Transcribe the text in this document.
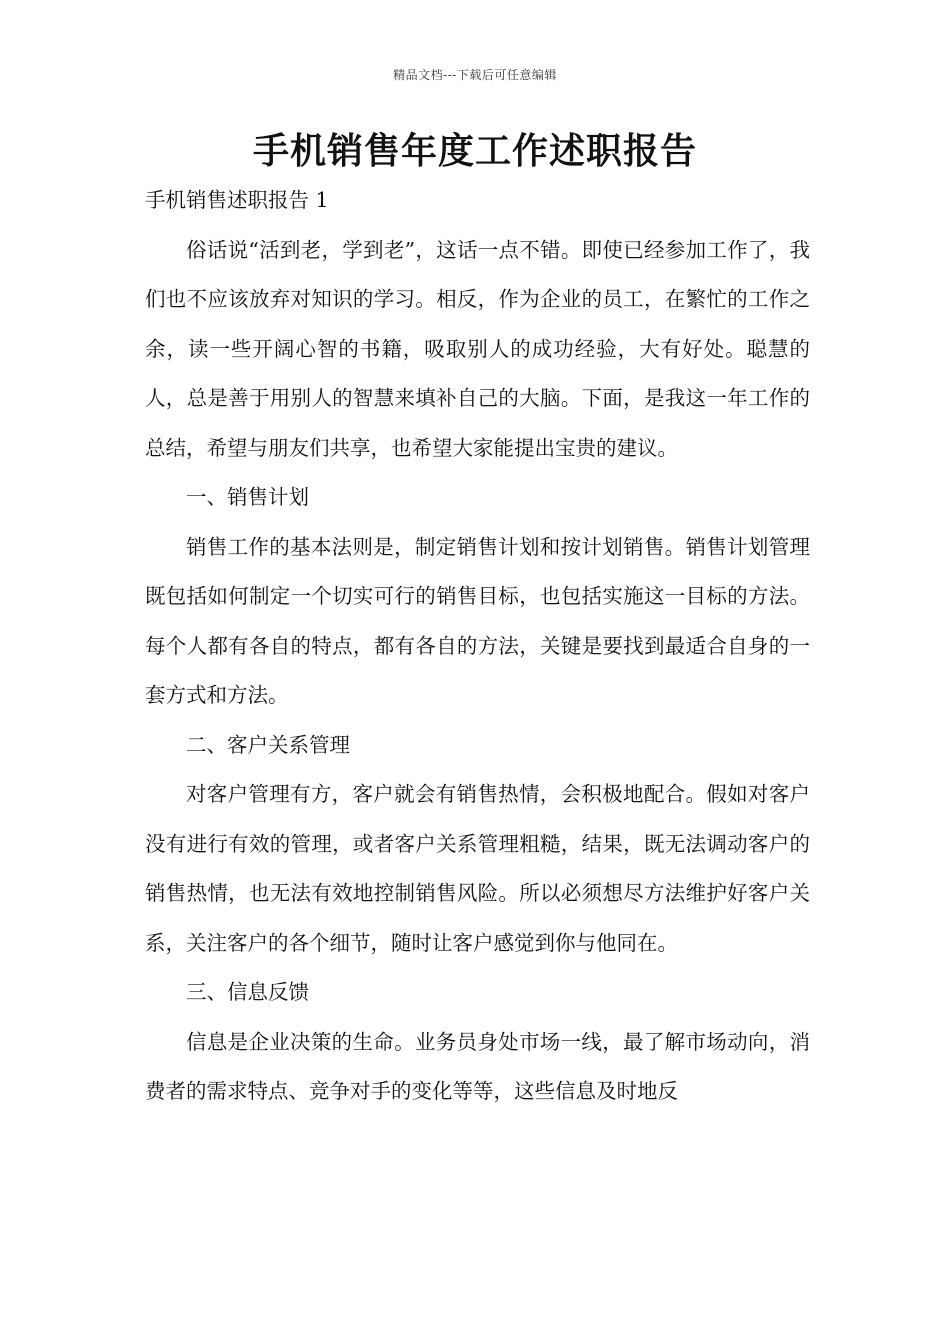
精品文档---下载后可任意编辑
手机销售年度工作述职报告

手机销售述职报告 1

俗话说“活到老，学到老”，这话一点不错。即使已经参加工作了，我们也不应该放弃对知识的学习。相反，作为企业的员工，在繁忙的工作之余，读一些开阔心智的书籍，吸取别人的成功经验，大有好处。聪慧的人，总是善于用别人的智慧来填补自己的大脑。下面，是我这一年工作的总结，希望与朋友们共享，也希望大家能提出宝贵的建议。

一、销售计划

销售工作的基本法则是，制定销售计划和按计划销售。销售计划管理既包括如何制定一个切实可行的销售目标，也包括实施这一目标的方法。每个人都有各自的特点，都有各自的方法，关键是要找到最适合自身的一套方式和方法。

二、客户关系管理

对客户管理有方，客户就会有销售热情，会积极地配合。假如对客户没有进行有效的管理，或者客户关系管理粗糙，结果，既无法调动客户的销售热情，也无法有效地控制销售风险。所以必须想尽方法维护好客户关系，关注客户的各个细节，随时让客户感觉到你与他同在。

三、信息反馈

信息是企业决策的生命。业务员身处市场一线，最了解市场动向，消费者的需求特点、竞争对手的变化等等，这些信息及时地反
